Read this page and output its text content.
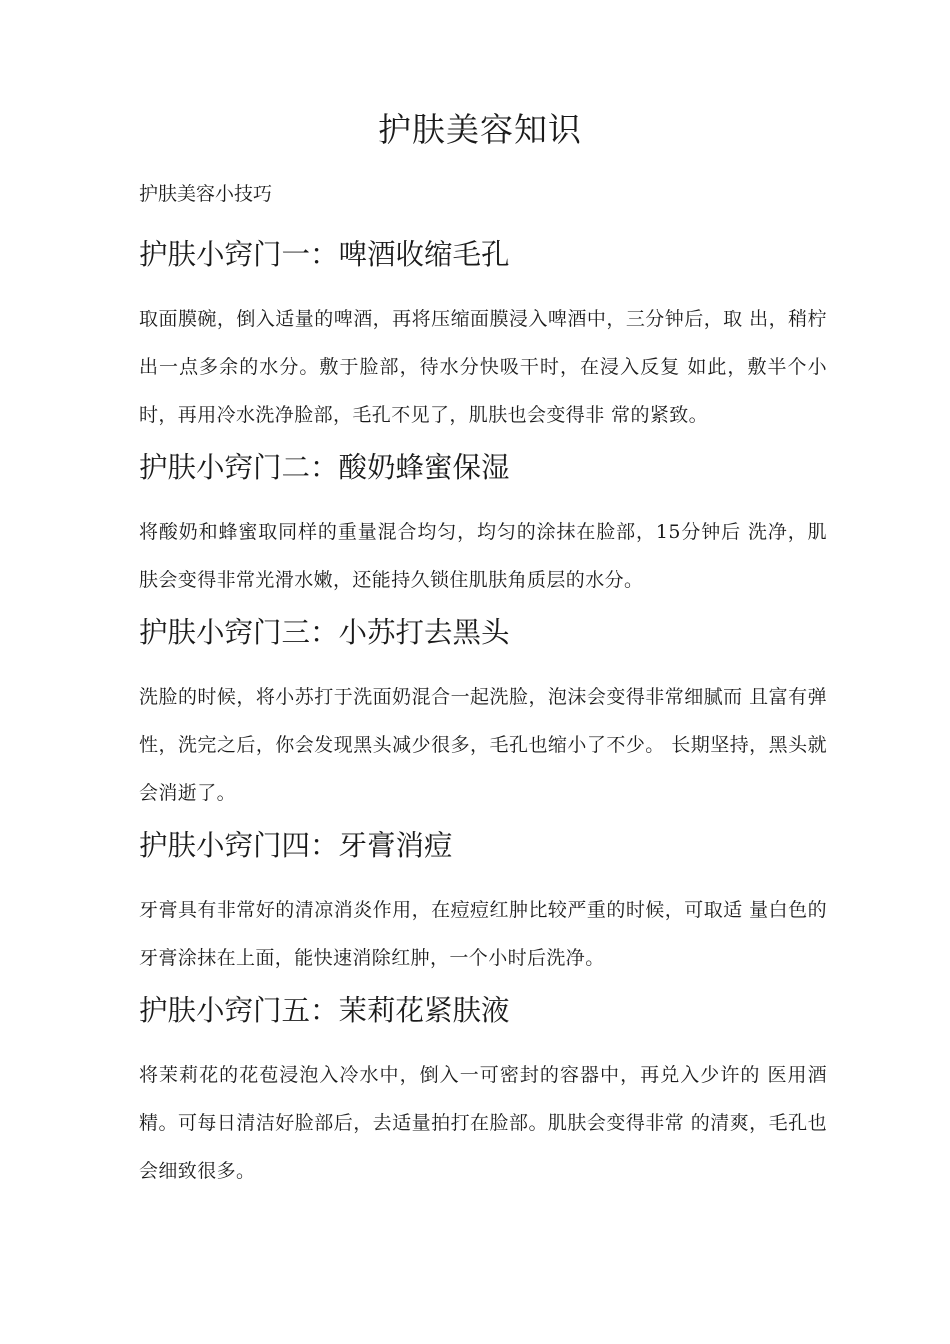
护肤美容知识

护肤美容小技巧

护肤小窍门一：啤酒收缩毛孔

取面膜碗，倒入适量的啤酒，再将压缩面膜浸入啤酒中，三分钟后，取 出，稍柠出一点多余的水分。敷于脸部，待水分快吸干时，在浸入反复 如此，敷半个小时，再用冷水洗净脸部，毛孔不见了，肌肤也会变得非 常的紧致。

护肤小窍门二：酸奶蜂蜜保湿

将酸奶和蜂蜜取同样的重量混合均匀，均匀的涂抹在脸部，15分钟后 洗净，肌肤会变得非常光滑水嫩，还能持久锁住肌肤角质层的水分。

护肤小窍门三：小苏打去黑头

洗脸的时候，将小苏打于洗面奶混合一起洗脸，泡沫会变得非常细腻而 且富有弹性，洗完之后，你会发现黑头减少很多，毛孔也缩小了不少。 长期坚持，黑头就会消逝了。

护肤小窍门四：牙膏消痘

牙膏具有非常好的清凉消炎作用，在痘痘红肿比较严重的时候，可取适 量白色的牙膏涂抹在上面，能快速消除红肿，一个小时后洗净。

护肤小窍门五：茉莉花紧肤液

将茉莉花的花苞浸泡入冷水中，倒入一可密封的容器中，再兑入少许的 医用酒精。可每日清洁好脸部后，去适量拍打在脸部。肌肤会变得非常 的清爽，毛孔也会细致很多。
